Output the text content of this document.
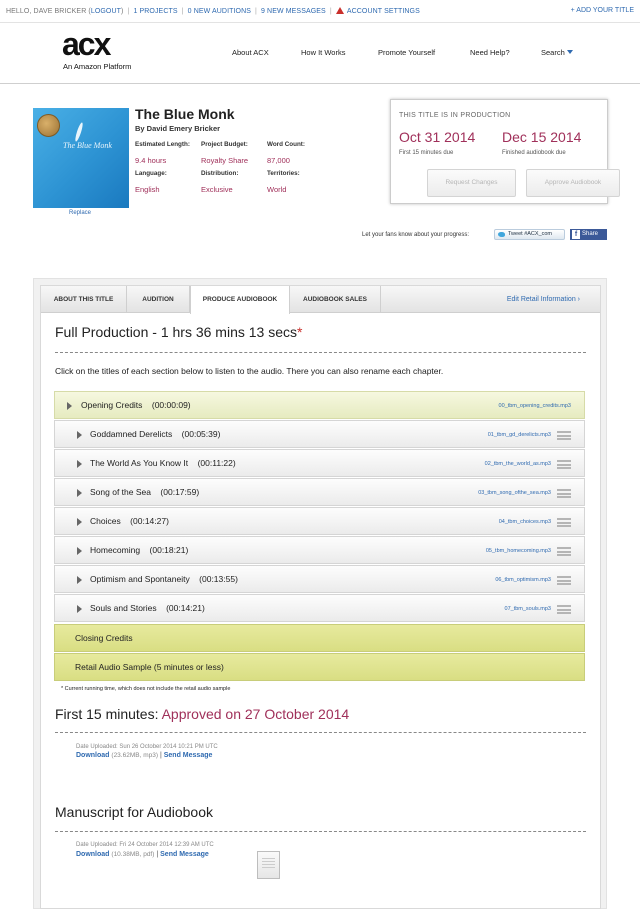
HELLO, DAVE BRICKER (LOGOUT) | 1 PROJECTS | 0 NEW AUDITIONS | 9 NEW MESSAGES | ACCOUNT SETTINGS	+ ADD YOUR TITLE
acx
An Amazon Platform
About ACX	How It Works	Promote Yourself	Need Help?	Search
The Blue Monk
Replace
The Blue Monk
By David Emery Bricker
Estimated Length:
9.4 hours
Project Budget:
Royalty Share
Word Count:
87,000
Language:
English
Distribution:
Exclusive
Territories:
World
THIS TITLE IS IN PRODUCTION
Oct 31 2014
First 15 minutes due
Dec 15 2014
Finished audiobook due
Request Changes	Approve Audiobook
Let your fans know about your progress:	Tweet #ACX_com	f Share
ABOUT THIS TITLE	AUDITION	PRODUCE AUDIOBOOK	AUDIOBOOK SALES	Edit Retail Information ›
Full Production - 1 hrs 36 mins 13 secs*
Click on the titles of each section below to listen to the audio. There you can also rename each chapter.
Opening Credits (00:00:09)	00_tbm_opening_credits.mp3
Goddamned Derelicts (00:05:39)	01_tbm_gd_derelicts.mp3
The World As You Know It (00:11:22)	02_tbm_the_world_as.mp3
Song of the Sea (00:17:59)	03_tbm_song_ofthe_sea.mp3
Choices (00:14:27)	04_tbm_choices.mp3
Homecoming (00:18:21)	05_tbm_homecoming.mp3
Optimism and Spontaneity (00:13:55)	06_tbm_optimism.mp3
Souls and Stories (00:14:21)	07_tbm_souls.mp3
Closing Credits
Retail Audio Sample (5 minutes or less)
* Current running time, which does not include the retail audio sample
First 15 minutes: Approved on 27 October 2014
Date Uploaded: Sun 26 October 2014 10:21 PM UTC
Download (23.62MB, mp3) | Send Message
Manuscript for Audiobook
Date Uploaded: Fri 24 October 2014 12:39 AM UTC
Download (10.38MB, pdf) | Send Message
